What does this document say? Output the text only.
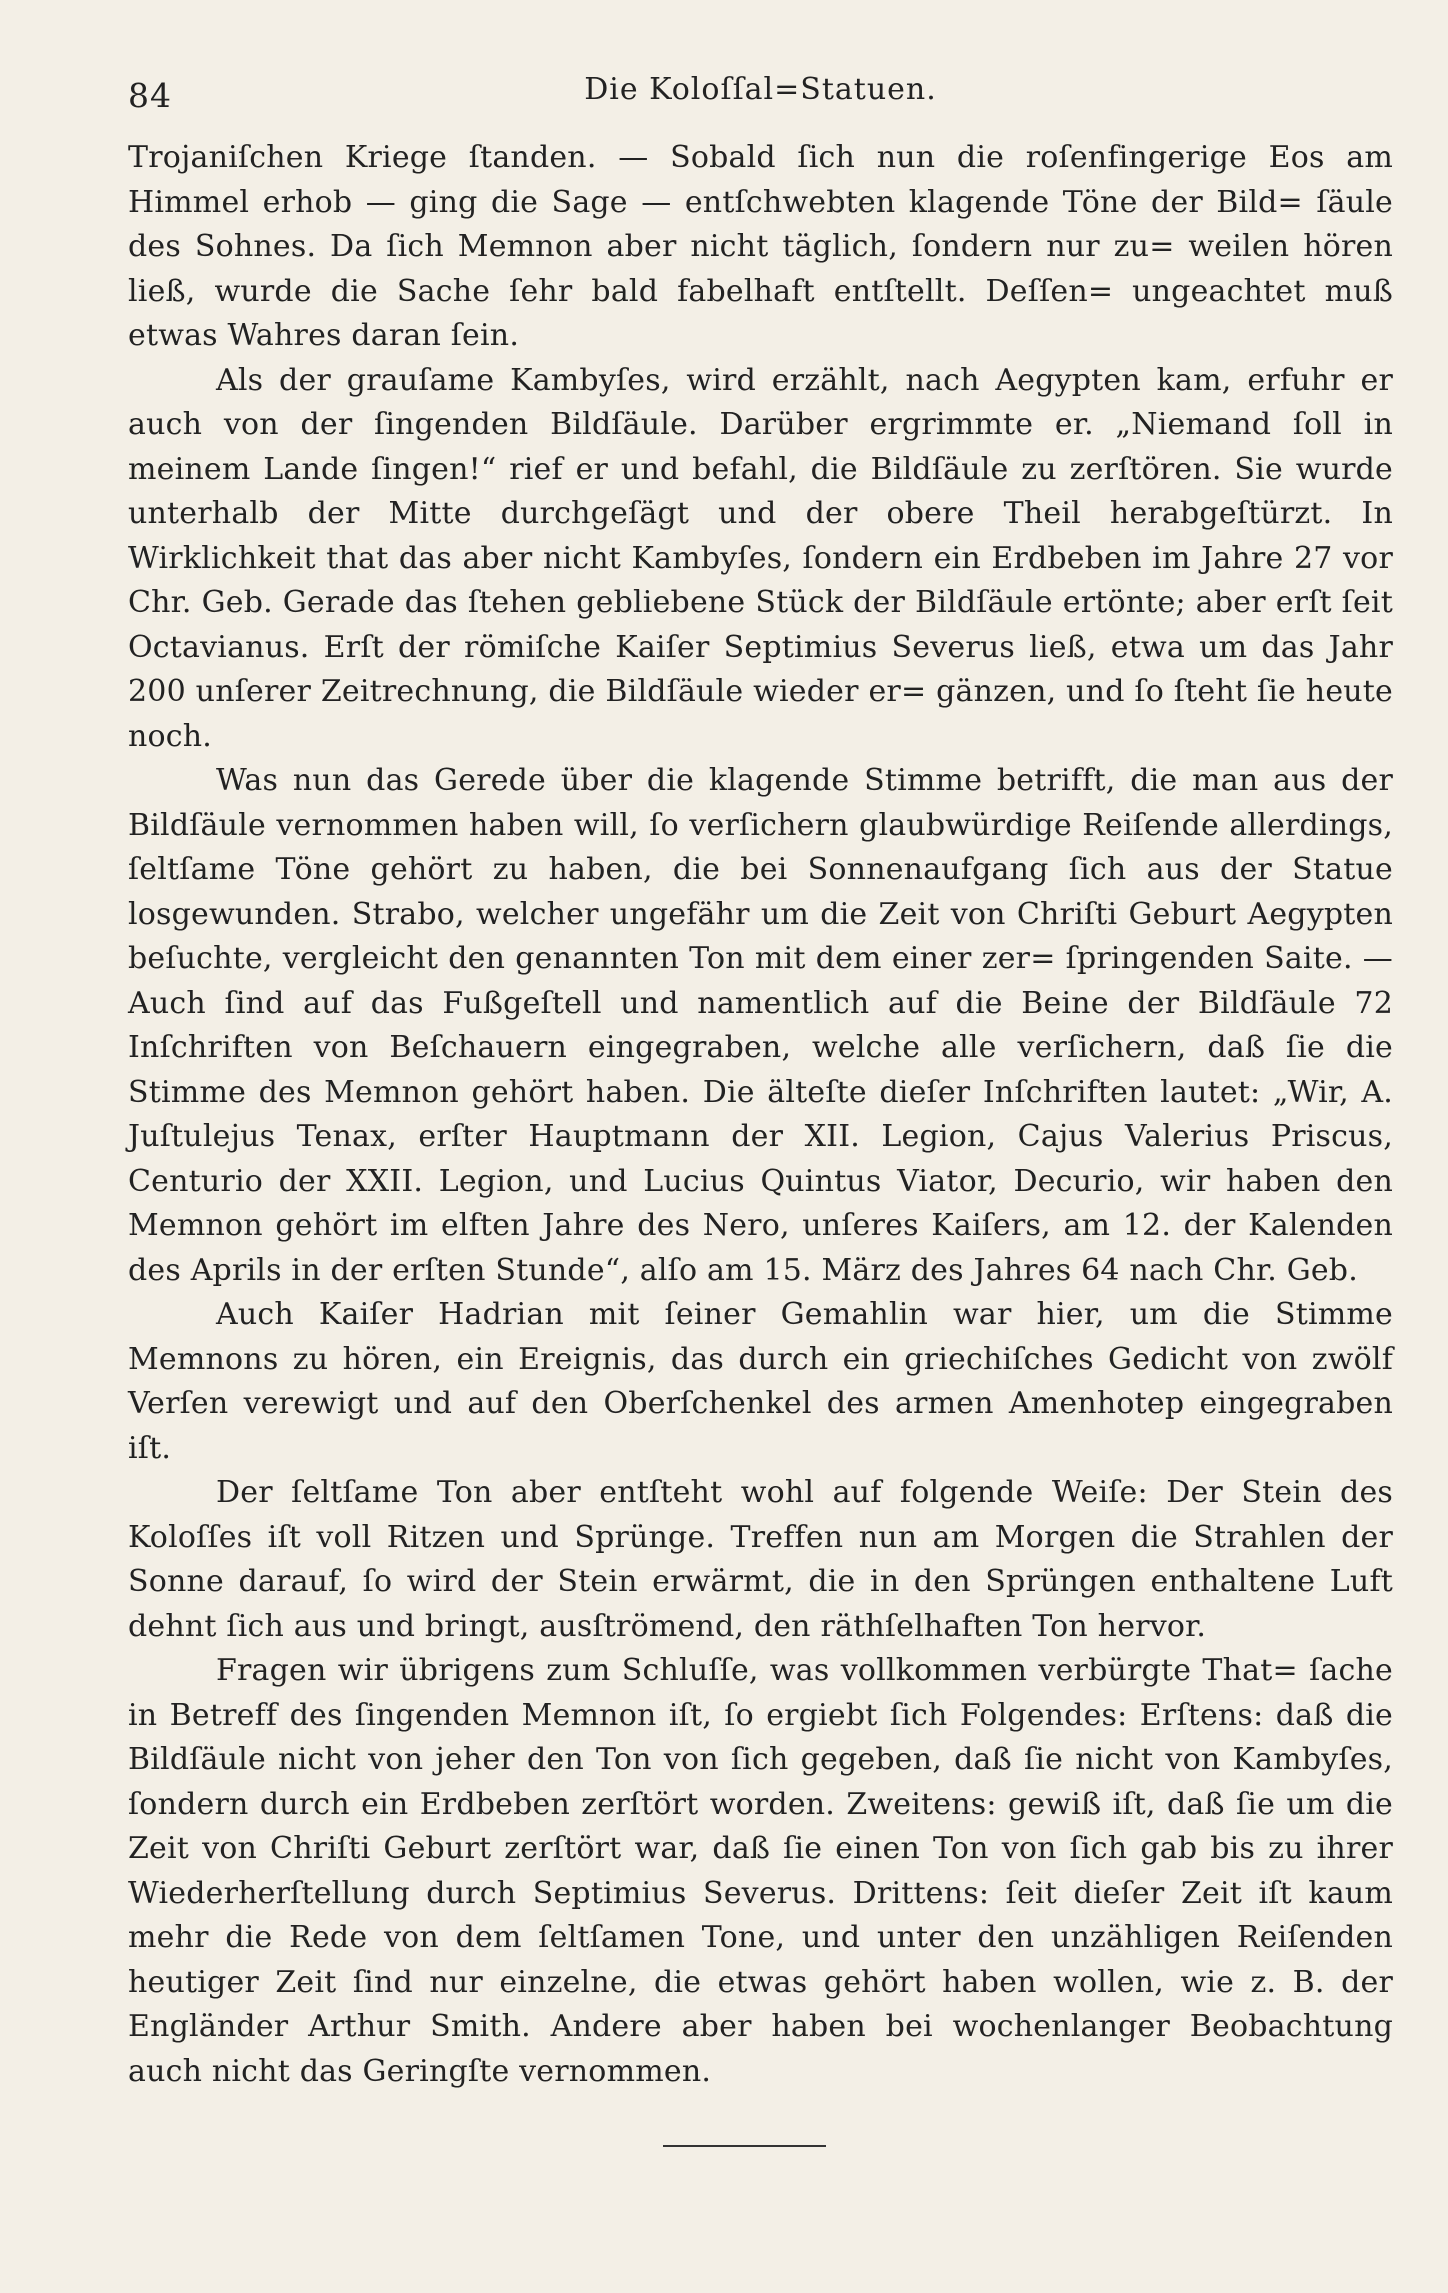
84	Die Koloſſal=Statuen.

Trojaniſchen Kriege ſtanden. — Sobald ſich nun die roſenfingerige Eos am Himmel erhob — ging die Sage — entſchwebten klagende Töne der Bild= ſäule des Sohnes. Da ſich Memnon aber nicht täglich, ſondern nur zu= weilen hören ließ, wurde die Sache ſehr bald fabelhaft entſtellt. Deſſen= ungeachtet muß etwas Wahres daran ſein.

Als der grauſame Kambyſes, wird erzählt, nach Aegypten kam, erfuhr er auch von der ſingenden Bildſäule. Darüber ergrimmte er. „Niemand ſoll in meinem Lande ſingen!“ rief er und befahl, die Bildſäule zu zerſtören. Sie wurde unterhalb der Mitte durchgeſägt und der obere Theil herabgeſtürzt. In Wirklichkeit that das aber nicht Kambyſes, ſondern ein Erdbeben im Jahre 27 vor Chr. Geb. Gerade das ſtehen gebliebene Stück der Bildſäule ertönte; aber erſt ſeit Octavianus. Erſt der römiſche Kaiſer Septimius Severus ließ, etwa um das Jahr 200 unſerer Zeitrechnung, die Bildſäule wieder er= gänzen, und ſo ſteht ſie heute noch.

Was nun das Gerede über die klagende Stimme betrifft, die man aus der Bildſäule vernommen haben will, ſo verſichern glaubwürdige Reiſende allerdings, ſeltſame Töne gehört zu haben, die bei Sonnenaufgang ſich aus der Statue losgewunden. Strabo, welcher ungefähr um die Zeit von Chriſti Geburt Aegypten beſuchte, vergleicht den genannten Ton mit dem einer zer= ſpringenden Saite. — Auch ſind auf das Fußgeſtell und namentlich auf die Beine der Bildſäule 72 Inſchriften von Beſchauern eingegraben, welche alle verſichern, daß ſie die Stimme des Memnon gehört haben. Die älteſte dieſer Inſchriften lautet: „Wir, A. Juſtulejus Tenax, erſter Hauptmann der XII. Legion, Cajus Valerius Priscus, Centurio der XXII. Legion, und Lucius Quintus Viator, Decurio, wir haben den Memnon gehört im elften Jahre des Nero, unſeres Kaiſers, am 12. der Kalenden des Aprils in der erſten Stunde“, alſo am 15. März des Jahres 64 nach Chr. Geb.

Auch Kaiſer Hadrian mit ſeiner Gemahlin war hier, um die Stimme Memnons zu hören, ein Ereignis, das durch ein griechiſches Gedicht von zwölf Verſen verewigt und auf den Oberſchenkel des armen Amenhotep eingegraben iſt.

Der ſeltſame Ton aber entſteht wohl auf folgende Weiſe: Der Stein des Koloſſes iſt voll Ritzen und Sprünge. Treffen nun am Morgen die Strahlen der Sonne darauf, ſo wird der Stein erwärmt, die in den Sprüngen enthaltene Luft dehnt ſich aus und bringt, ausſtrömend, den räthſelhaften Ton hervor.

Fragen wir übrigens zum Schluſſe, was vollkommen verbürgte That= ſache in Betreff des ſingenden Memnon iſt, ſo ergiebt ſich Folgendes: Erſtens: daß die Bildſäule nicht von jeher den Ton von ſich gegeben, daß ſie nicht von Kambyſes, ſondern durch ein Erdbeben zerſtört worden. Zweitens: gewiß iſt, daß ſie um die Zeit von Chriſti Geburt zerſtört war, daß ſie einen Ton von ſich gab bis zu ihrer Wiederherſtellung durch Septimius Severus. Drittens: ſeit dieſer Zeit iſt kaum mehr die Rede von dem ſeltſamen Tone, und unter den unzähligen Reiſenden heutiger Zeit ſind nur einzelne, die etwas gehört haben wollen, wie z. B. der Engländer Arthur Smith. Andere aber haben bei wochenlanger Beobachtung auch nicht das Geringſte vernommen.
